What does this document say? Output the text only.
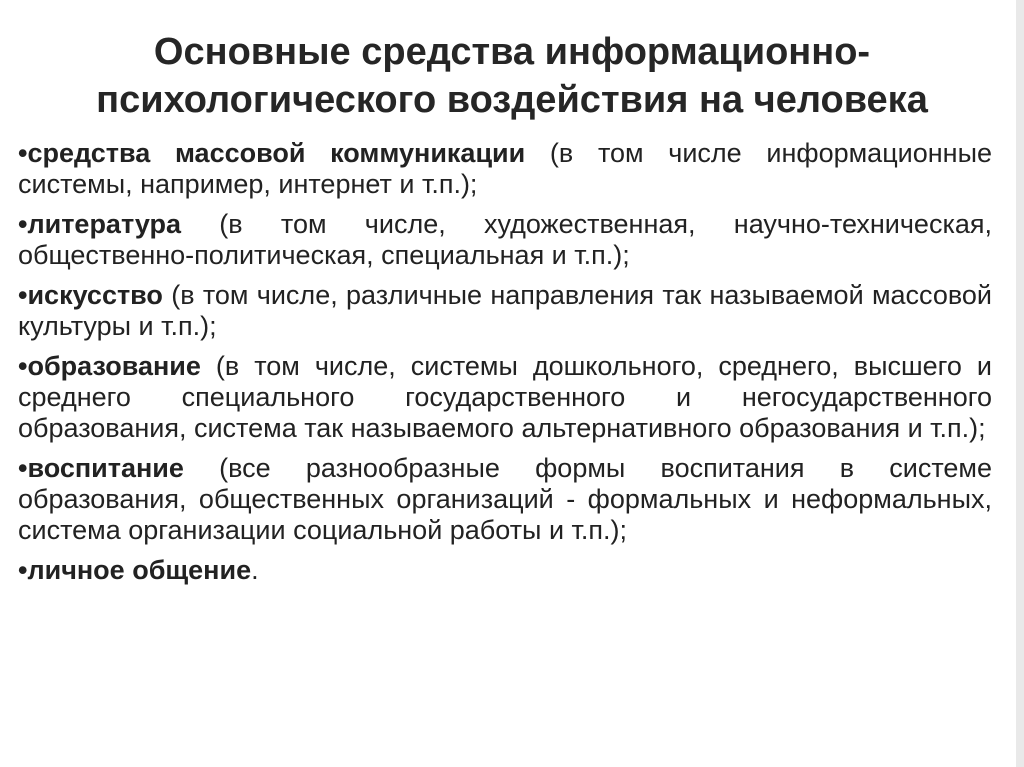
Основные средства информационно-
психологического воздействия на человека
•средства массовой коммуникации (в том числе информационные системы, например, интернет и т.п.);
•литература (в том числе, художественная, научно-техническая, общественно-политическая, специальная и т.п.);
•искусство (в том числе, различные направления так называемой массовой культуры и т.п.);
•образование (в том числе, системы дошкольного, среднего, высшего и среднего специального государственного и негосударственного образования, система так называемого альтернативного образования и т.п.);
•воспитание (все разнообразные формы воспитания в системе образования, общественных организаций - формальных и неформальных, система организации социальной работы и т.п.);
•личное общение.
